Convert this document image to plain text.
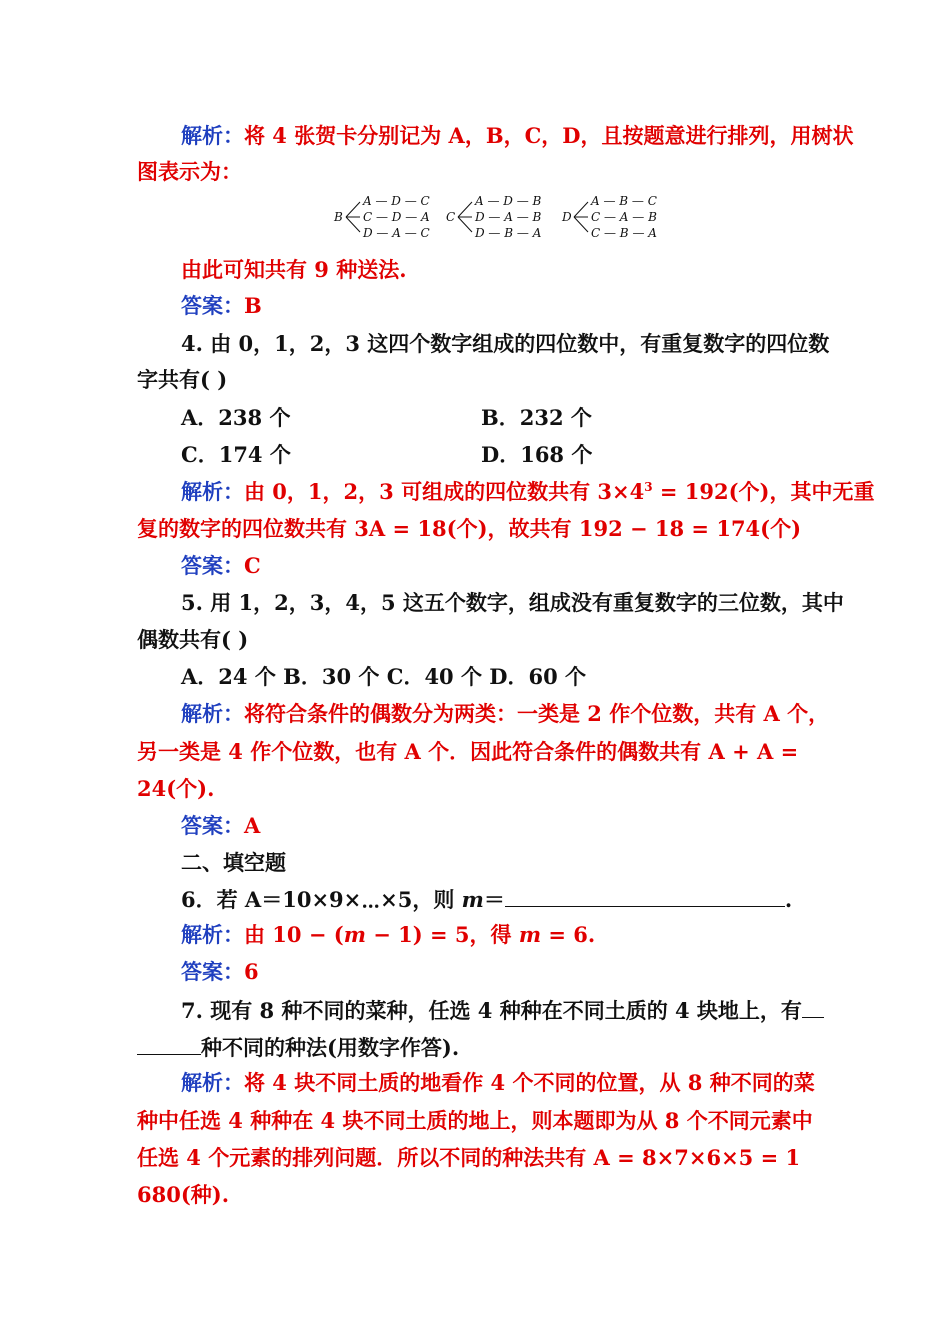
解析：将 4 张贺卡分别记为 A，B，C，D，且按题意进行排列，用树状
图表示为：
B
A — D — C
C — D — A
D — A — C
C
A — D — B
D — A — B
D — B — A
D
A — B — C
C — A — B
C — B — A
由此可知共有 9 种送法.
答案：B
4. 由 0，1，2，3 这四个数字组成的四位数中，有重复数字的四位数
字共有( )
A．238 个	B．232 个
C．174 个	D．168 个
解析：由 0，1，2，3 可组成的四位数共有 $3\times 4^3 = 192$(个)，其中无重
复的数字的四位数共有 3A = 18(个)，故共有 192 − 18 = 174(个)
答案：C
5. 用 1，2，3，4，5 这五个数字，组成没有重复数字的三位数，其中
偶数共有( )
A．24 个 B．30 个 C．40 个 D．60 个
解析：将符合条件的偶数分为两类：一类是 2 作个位数，共有 A 个，
另一类是 4 作个位数，也有 A 个．因此符合条件的偶数共有 A + A =
24(个).
答案：A
二、填空题
6．若 A＝10×9×⋯×5，则 m＝	.
解析：由 10 − (m − 1) = 5，得 m = 6.
答案：6
7. 现有 8 种不同的菜种，任选 4 种种在不同土质的 4 块地上，有
种不同的种法(用数字作答).
解析：将 4 块不同土质的地看作 4 个不同的位置，从 8 种不同的菜
种中任选 4 种种在 4 块不同土质的地上，则本题即为从 8 个不同元素中
任选 4 个元素的排列问题．所以不同的种法共有 A = 8×7×6×5 = 1
680(种).
